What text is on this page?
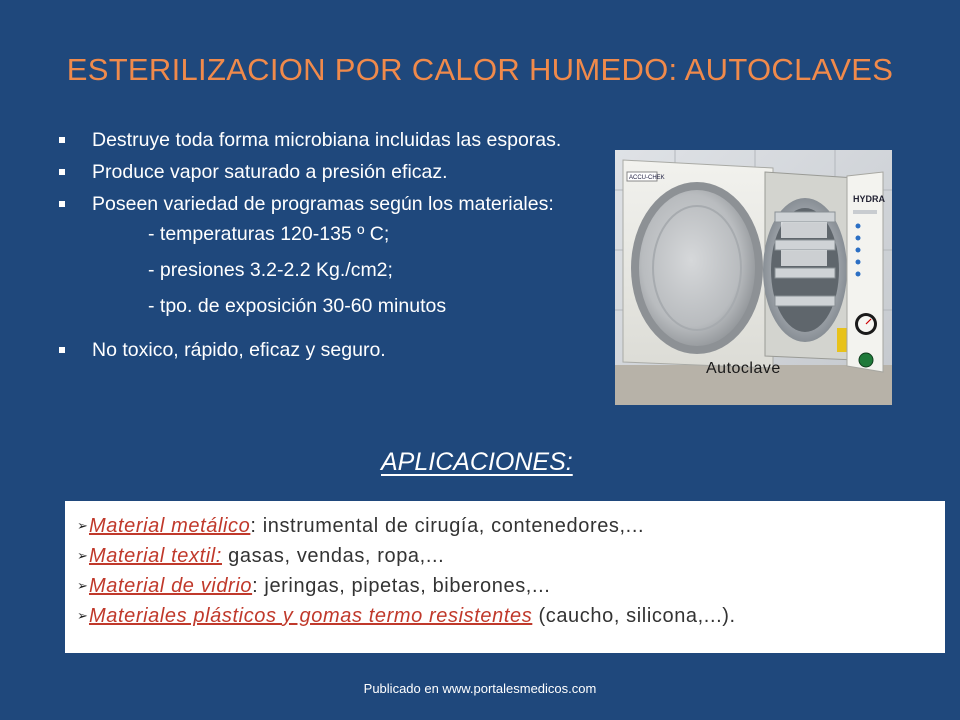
ESTERILIZACION POR CALOR HUMEDO: AUTOCLAVES
Destruye toda forma microbiana incluidas las esporas.
Produce vapor saturado a presión eficaz.
Poseen variedad de programas según los materiales:
- temperaturas 120-135 º C;
- presiones 3.2-2.2 Kg./cm2;
- tpo. de exposición 30-60 minutos
No toxico, rápido, eficaz y seguro.
ACCU-CHEK
HYDRA
Autoclave
APLICACIONES:
➢Material metálico: instrumental de cirugía, contenedores,...
➢Material textil: gasas, vendas, ropa,...
➢Material de vidrio: jeringas, pipetas, biberones,...
➢Materiales plásticos y gomas termo resistentes (caucho, silicona,...).
Publicado en www.portalesmedicos.com
